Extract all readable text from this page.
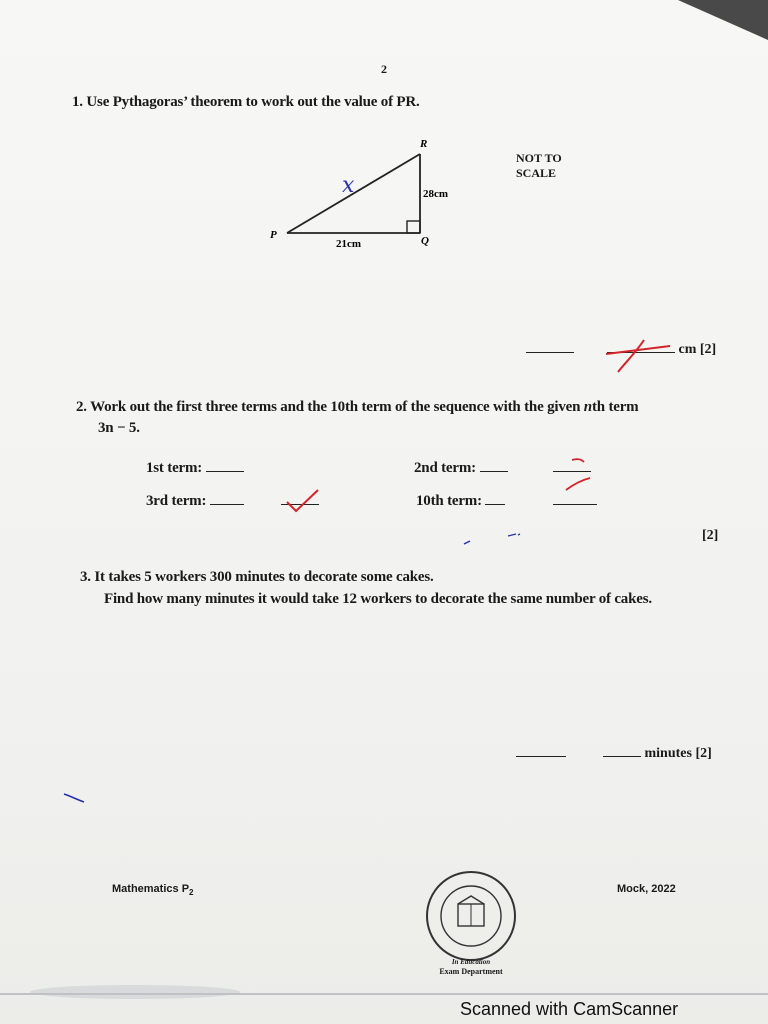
2
1. Use Pythagoras’ theorem to work out the value of PR.
R
P	Q
28cm
21cm
x
NOT TO
SCALE
cm [2]
2. Work out the first three terms and the 10th term of the sequence with the given nth term
3n − 5.
1st term:	2nd term:
3rd term:	10th term:
[2]
3. It takes 5 workers 300 minutes to decorate some cakes.
Find how many minutes it would take 12 workers to decorate the same number of cakes.
minutes [2]
Mathematics $P_2$	Mock, 2022
In Education
Exam Department
Scanned with CamScanner
